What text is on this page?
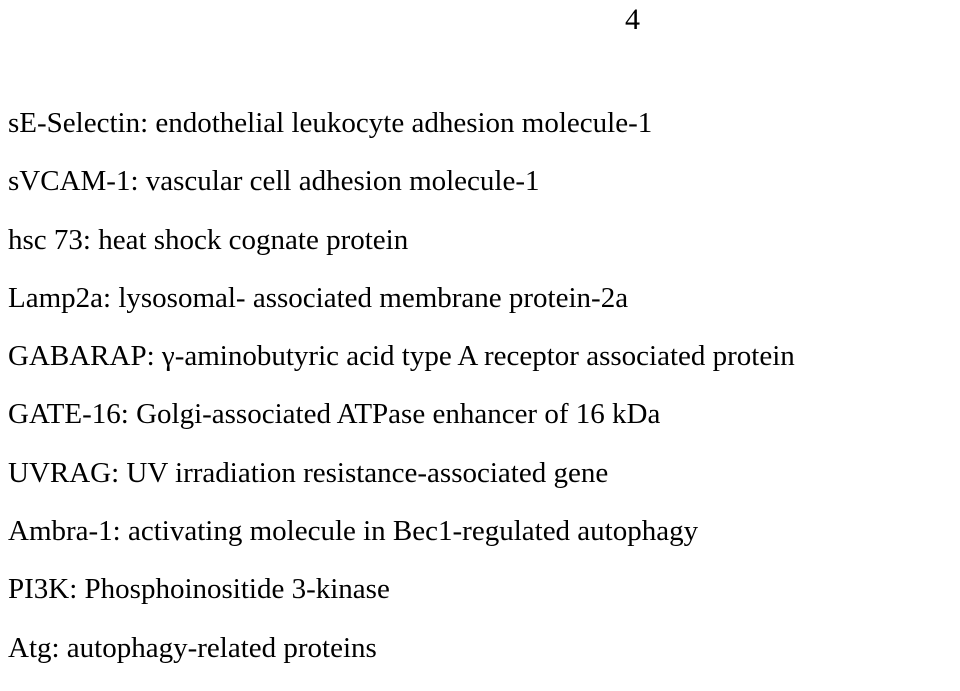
4
sE-Selectin: endothelial leukocyte adhesion molecule-1
sVCAM-1: vascular cell adhesion molecule-1
hsc 73: heat shock cognate protein
Lamp2a: lysosomal- associated membrane protein-2a
GABARAP: γ-aminobutyric acid type A receptor associated protein
GATE-16: Golgi-associated ATPase enhancer of 16 kDa
UVRAG: UV irradiation resistance-associated gene
Ambra-1: activating molecule in Bec1-regulated autophagy
PI3K: Phosphoinositide 3-kinase
Atg: autophagy-related proteins
